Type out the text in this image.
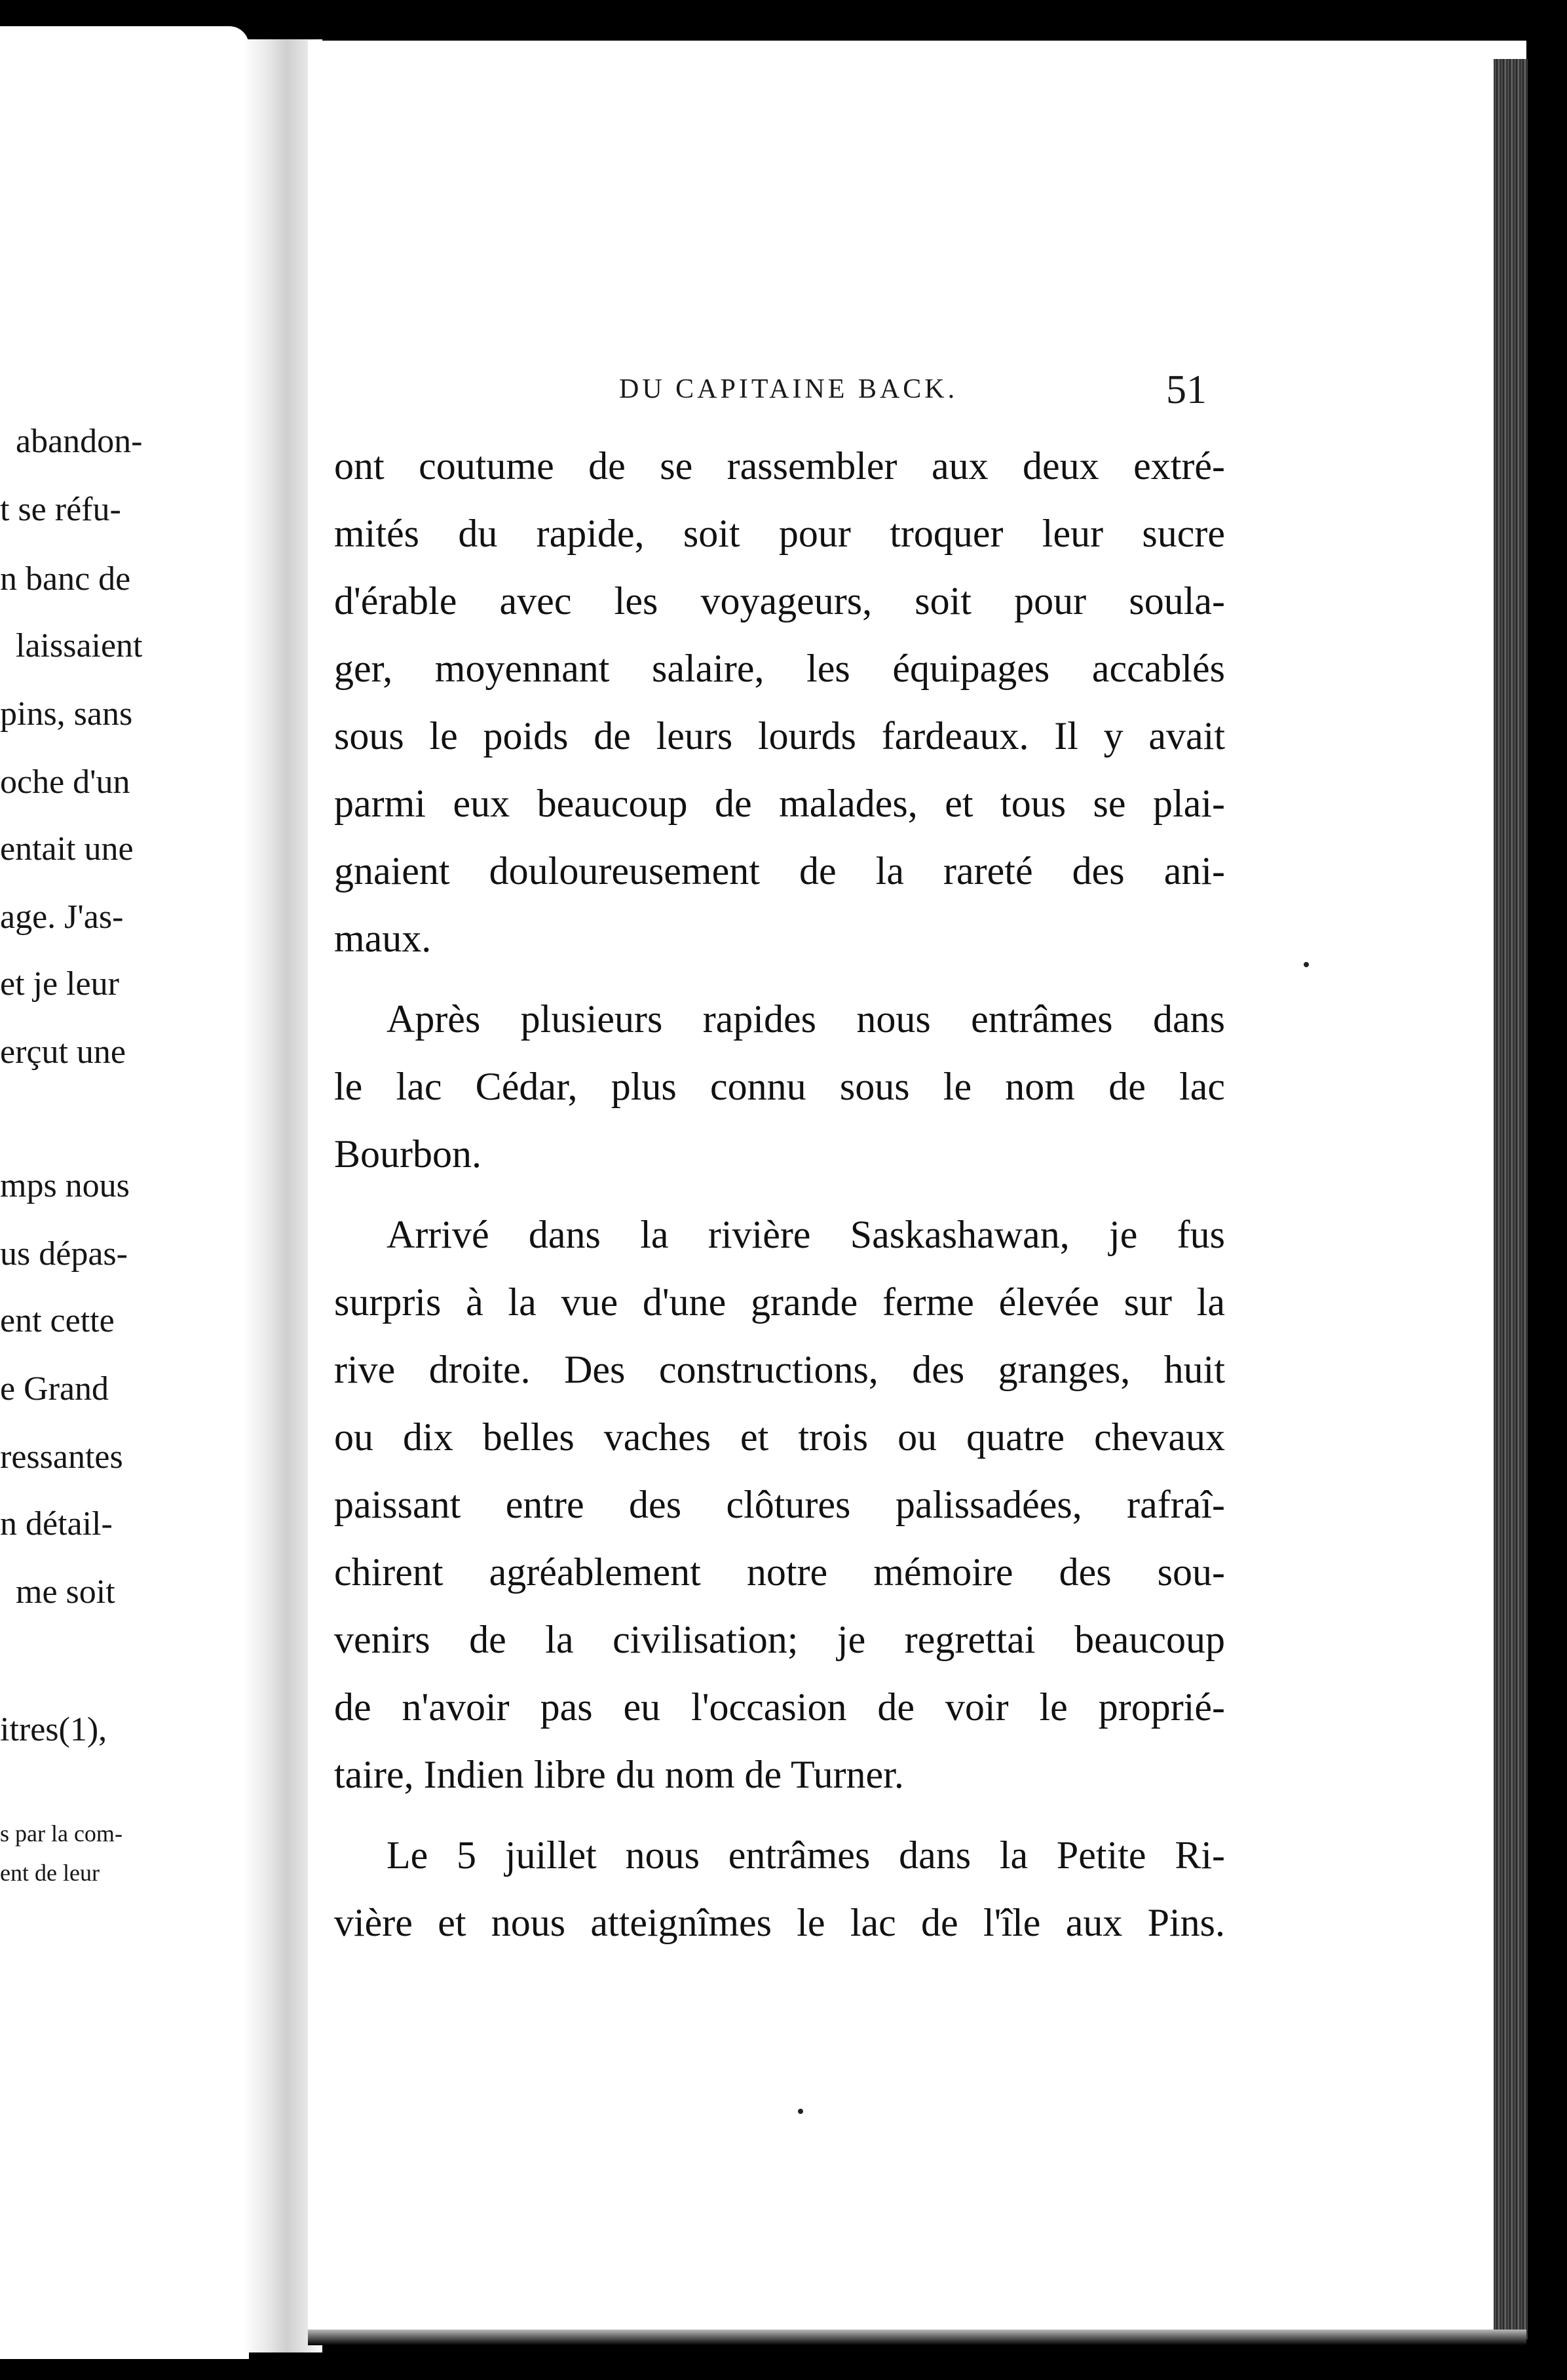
abandon-
t se réfu-
n banc de
laissaient
pins, sans
oche d'un
entait une
age. J'as-
et je leur
erçut une
mps nous
us dépas-
ent cette
e Grand
ressantes
n détail-
me soit
itres(1),
s par la com-
ent de leur
DU CAPITAINE BACK.	51
ont coutume de se rassembler aux deux extré-
mités du rapide, soit pour troquer leur sucre
d'érable avec les voyageurs, soit pour soula-
ger, moyennant salaire, les équipages accablés
sous le poids de leurs lourds fardeaux. Il y avait
parmi eux beaucoup de malades, et tous se plai-
gnaient douloureusement de la rareté des ani-
maux.
Après plusieurs rapides nous entrâmes dans
le lac Cédar, plus connu sous le nom de lac
Bourbon.
Arrivé dans la rivière Saskashawan, je fus
surpris à la vue d'une grande ferme élevée sur la
rive droite. Des constructions, des granges, huit
ou dix belles vaches et trois ou quatre chevaux
paissant entre des clôtures palissadées, rafraî-
chirent agréablement notre mémoire des sou-
venirs de la civilisation; je regrettai beaucoup
de n'avoir pas eu l'occasion de voir le proprié-
taire, Indien libre du nom de Turner.
Le 5 juillet nous entrâmes dans la Petite Ri-
vière et nous atteignîmes le lac de l'île aux Pins.
